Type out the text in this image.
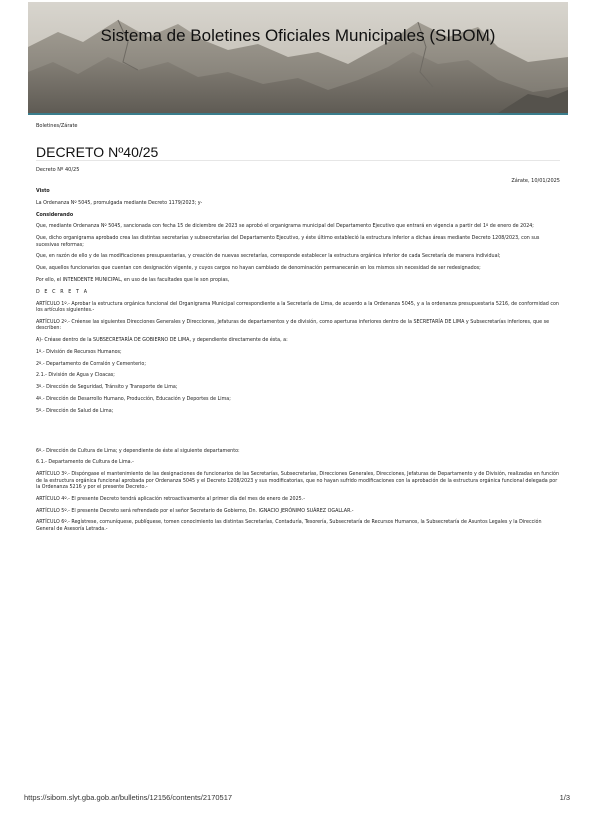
Sistema de Boletines Oficiales Municipales (SIBOM)
Boletines/Zárate
DECRETO Nº40/25
Decreto Nº 40/25
Zárate, 10/01/2025

Visto

La Ordenanza Nº 5045, promulgada mediante Decreto 1179/2023; y-

Considerando

Que, mediante Ordenanza Nº 5045, sancionada con fecha 15 de diciembre de 2023 se aprobó el organigrama municipal del Departamento Ejecutivo que entrará en vigencia a partir del 1º de enero de 2024;

Que, dicho organigrama aprobado crea las distintas secretarías y subsecretarías del Departamento Ejecutivo, y éste último estableció la estructura inferior a dichas áreas mediante Decreto 1208/2023, con sus sucesivas reformas;

Que, en razón de ello y de las modificaciones presupuestarias, y creación de nuevas secretarías, corresponde establecer la estructura orgánica inferior de cada Secretaría de manera individual;

Que, aquellos funcionarios que cuentan con designación vigente, y cuyos cargos no hayan cambiado de denominación permanecerán en los mismos sin necesidad de ser redesignados;

Por ello, el INTENDENTE MUNICIPAL, en uso de las facultades que le son propias,

D E C R E T A

ARTÍCULO 1º.- Aprobar la estructura orgánica funcional del Organigrama Municipal correspondiente a la Secretaría de Lima, de acuerdo a la Ordenanza 5045, y a la ordenanza presupuestaria 5216, de conformidad con los artículos siguientes.-

ARTÍCULO 2º.- Créense las siguientes Direcciones Generales y Direcciones, jefaturas de departamentos y de división, como aperturas inferiores dentro de la SECRETARÍA DE LIMA y Subsecretarías inferiores, que se describen:

A)- Créase dentro de la SUBSECRETARÍA DE GOBIERNO DE LIMA, y dependiente directamente de ésta, a:

1º.- División de Recursos Humanos;

2º.- Departamento de Corralón y Cementerio;

2.1.- División de Agua y Cloacas;

3º.- Dirección de Seguridad, Tránsito y Transporte de Lima;

4º.- Dirección de Desarrollo Humano, Producción, Educación y Deportes de Lima;

5º.- Dirección de Salud de Lima;

6º.- Dirección de Cultura de Lima; y dependiente de éste al siguiente departamento:

6.1.- Departamento de Cultura de Lima.-

ARTÍCULO 3º.- Dispóngase el mantenimiento de las designaciones de funcionarios de las Secretarías, Subsecretarías, Direcciones Generales, Direcciones, Jefaturas de Departamento y de División, realizadas en función de la estructura orgánica funcional aprobada por Ordenanza 5045 y el Decreto 1208/2023 y sus modificatorias, que no hayan sufrido modificaciones con la aprobación de la estructura orgánica funcional delegada por la Ordenanza 5216 y por el presente Decreto.-

ARTÍCULO 4º.- El presente Decreto tendrá aplicación retroactivamente al primer día del mes de enero de 2025.-

ARTÍCULO 5º.- El presente Decreto será refrendado por el señor Secretario de Gobierno, Dn. IGNACIO JERÓNIMO SUÁREZ OGALLAR.-

ARTÍCULO 6º.- Regístrese, comuníquese, publíquese, tomen conocimiento las distintas Secretarías, Contaduría, Tesorería, Subsecretaría de Recursos Humanos, la Subsecretaría de Asuntos Legales y la Dirección General de Asesoría Letrada.-

https://sibom.slyt.gba.gob.ar/bulletins/12156/contents/2170517	1/3
